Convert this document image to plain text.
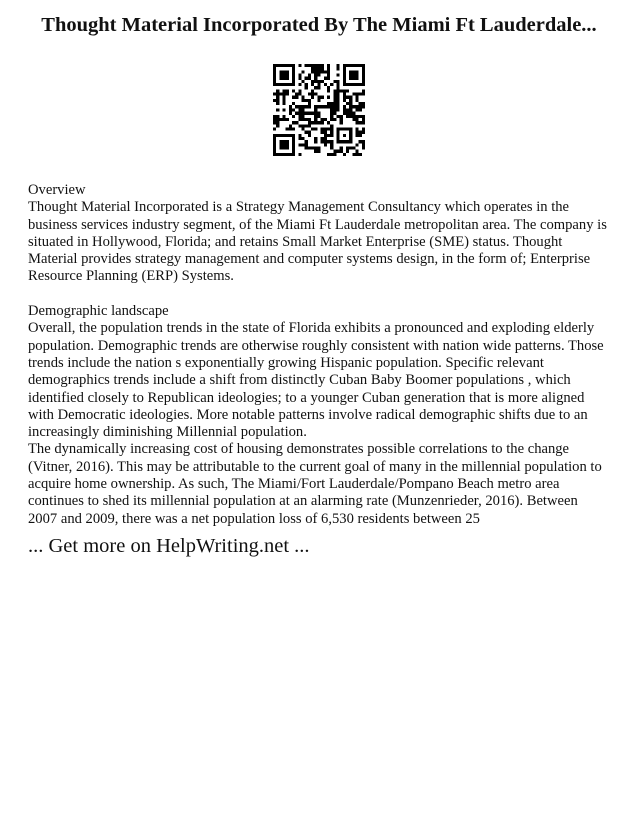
Thought Material Incorporated By The Miami Ft Lauderdale...

Overview

Thought Material Incorporated is a Strategy Management Consultancy which operates in the business services industry segment, of the Miami Ft Lauderdale metropolitan area. The company is situated in Hollywood, Florida; and retains Small Market Enterprise (SME) status. Thought Material provides strategy management and computer systems design, in the form of; Enterprise Resource Planning (ERP) Systems.

Demographic landscape

Overall, the population trends in the state of Florida exhibits a pronounced and exploding elderly population. Demographic trends are otherwise roughly consistent with nation wide patterns. Those trends include the nation s exponentially growing Hispanic population. Specific relevant demographics trends include a shift from distinctly Cuban Baby Boomer populations , which identified closely to Republican ideologies; to a younger Cuban generation that is more aligned with Democratic ideologies. More notable patterns involve radical demographic shifts due to an increasingly diminishing Millennial population.

The dynamically increasing cost of housing demonstrates possible correlations to the change (Vitner, 2016). This may be attributable to the current goal of many in the millennial population to acquire home ownership. As such, The Miami/Fort Lauderdale/Pompano Beach metro area continues to shed its millennial population at an alarming rate (Munzenrieder, 2016). Between 2007 and 2009, there was a net population loss of 6,530 residents between 25

... Get more on HelpWriting.net ...
